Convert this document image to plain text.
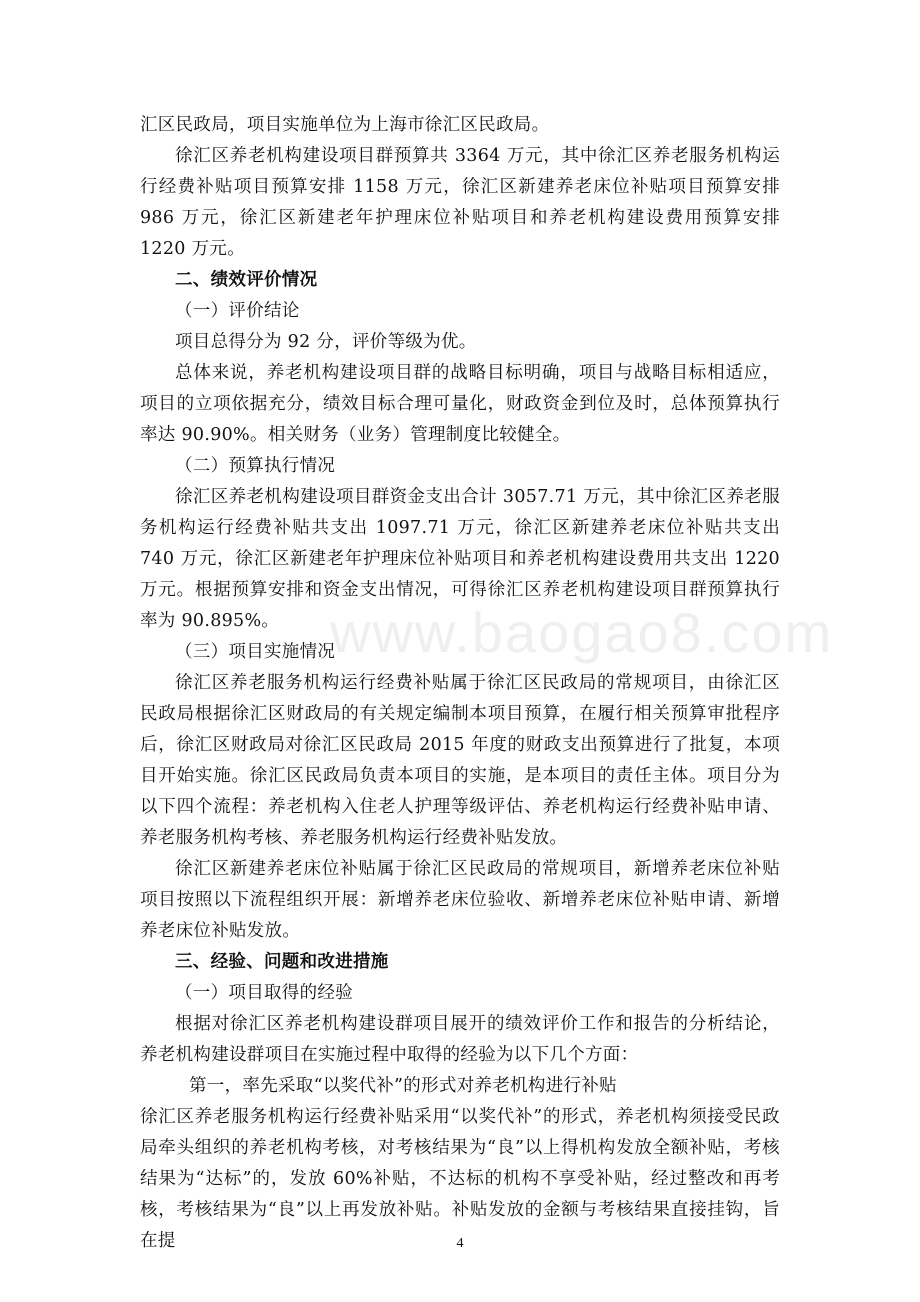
www.baogao8.com

汇区民政局，项目实施单位为上海市徐汇区民政局。

徐汇区养老机构建设项目群预算共 3364 万元，其中徐汇区养老服务机构运行经费补贴项目预算安排 1158 万元，徐汇区新建养老床位补贴项目预算安排 986 万元，徐汇区新建老年护理床位补贴项目和养老机构建设费用预算安排 1220 万元。

二、绩效评价情况

（一）评价结论

项目总得分为 92 分，评价等级为优。

总体来说，养老机构建设项目群的战略目标明确，项目与战略目标相适应，项目的立项依据充分，绩效目标合理可量化，财政资金到位及时，总体预算执行率达 90.90%。相关财务（业务）管理制度比较健全。

（二）预算执行情况

徐汇区养老机构建设项目群资金支出合计 3057.71 万元，其中徐汇区养老服务机构运行经费补贴共支出 1097.71 万元，徐汇区新建养老床位补贴共支出 740 万元，徐汇区新建老年护理床位补贴项目和养老机构建设费用共支出 1220 万元。根据预算安排和资金支出情况，可得徐汇区养老机构建设项目群预算执行率为 90.895%。

（三）项目实施情况

徐汇区养老服务机构运行经费补贴属于徐汇区民政局的常规项目，由徐汇区民政局根据徐汇区财政局的有关规定编制本项目预算，在履行相关预算审批程序后，徐汇区财政局对徐汇区民政局 2015 年度的财政支出预算进行了批复，本项目开始实施。徐汇区民政局负责本项目的实施，是本项目的责任主体。项目分为以下四个流程：养老机构入住老人护理等级评估、养老机构运行经费补贴申请、养老服务机构考核、养老服务机构运行经费补贴发放。

徐汇区新建养老床位补贴属于徐汇区民政局的常规项目，新增养老床位补贴项目按照以下流程组织开展：新增养老床位验收、新增养老床位补贴申请、新增养老床位补贴发放。

三、经验、问题和改进措施

（一）项目取得的经验

根据对徐汇区养老机构建设群项目展开的绩效评价工作和报告的分析结论，养老机构建设群项目在实施过程中取得的经验为以下几个方面：

第一，率先采取“以奖代补”的形式对养老机构进行补贴

徐汇区养老服务机构运行经费补贴采用“以奖代补”的形式，养老机构须接受民政局牵头组织的养老机构考核，对考核结果为“良”以上得机构发放全额补贴，考核结果为“达标”的，发放 60%补贴，不达标的机构不享受补贴，经过整改和再考核，考核结果为“良”以上再发放补贴。补贴发放的金额与考核结果直接挂钩，旨在提	4
